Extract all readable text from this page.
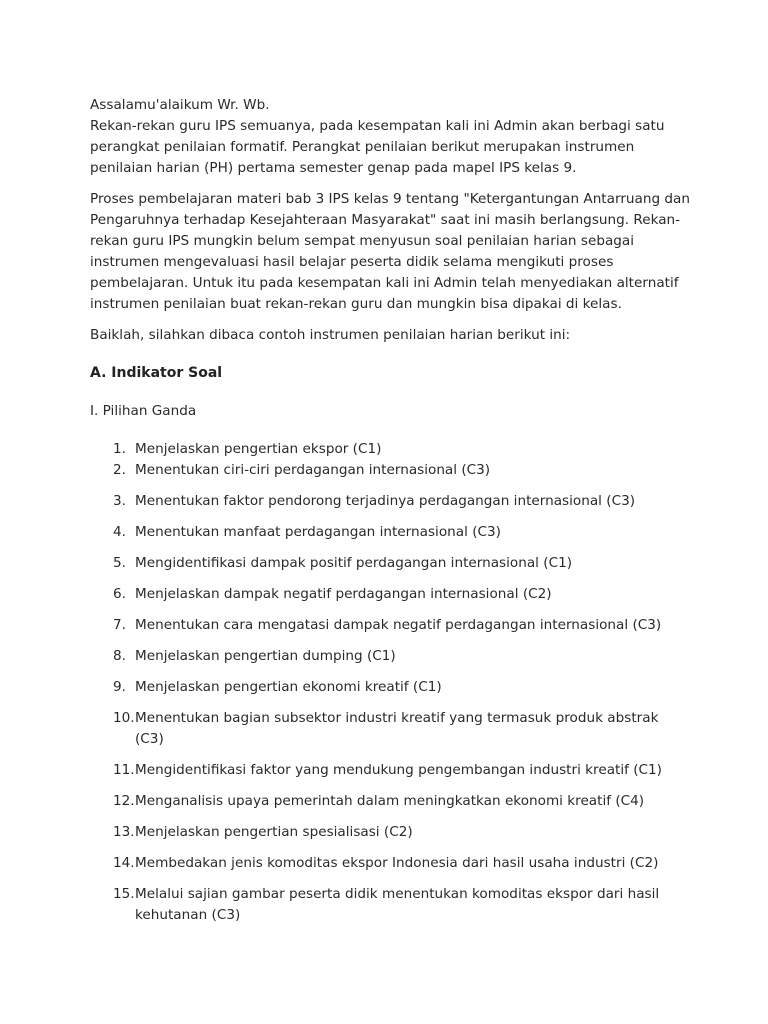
Assalamu'alaikum Wr. Wb.

Rekan-rekan guru IPS semuanya, pada kesempatan kali ini Admin akan berbagi satu perangkat penilaian formatif. Perangkat penilaian berikut merupakan instrumen penilaian harian (PH) pertama semester genap pada mapel IPS kelas 9.

Proses pembelajaran materi bab 3 IPS kelas 9 tentang "Ketergantungan Antarruang dan Pengaruhnya terhadap Kesejahteraan Masyarakat" saat ini masih berlangsung. Rekan-rekan guru IPS mungkin belum sempat menyusun soal penilaian harian sebagai instrumen mengevaluasi hasil belajar peserta didik selama mengikuti proses pembelajaran. Untuk itu pada kesempatan kali ini Admin telah menyediakan alternatif instrumen penilaian buat rekan-rekan guru dan mungkin bisa dipakai di kelas.

Baiklah, silahkan dibaca contoh instrumen penilaian harian berikut ini:

A. Indikator Soal
I. Pilihan Ganda
1. Menjelaskan pengertian ekspor (C1)
2. Menentukan ciri-ciri perdagangan internasional (C3)
3. Menentukan faktor pendorong terjadinya perdagangan internasional (C3)
4. Menentukan manfaat perdagangan internasional (C3)
5. Mengidentifikasi dampak positif perdagangan internasional (C1)
6. Menjelaskan dampak negatif perdagangan internasional (C2)
7. Menentukan cara mengatasi dampak negatif perdagangan internasional (C3)
8. Menjelaskan pengertian dumping (C1)
9. Menjelaskan pengertian ekonomi kreatif (C1)
10. Menentukan bagian subsektor industri kreatif yang termasuk produk abstrak (C3)
11. Mengidentifikasi faktor yang mendukung pengembangan industri kreatif (C1)
12. Menganalisis upaya pemerintah dalam meningkatkan ekonomi kreatif (C4)
13. Menjelaskan pengertian spesialisasi (C2)
14. Membedakan jenis komoditas ekspor Indonesia dari hasil usaha industri (C2)
15. Melalui sajian gambar peserta didik menentukan komoditas ekspor dari hasil kehutanan (C3)
